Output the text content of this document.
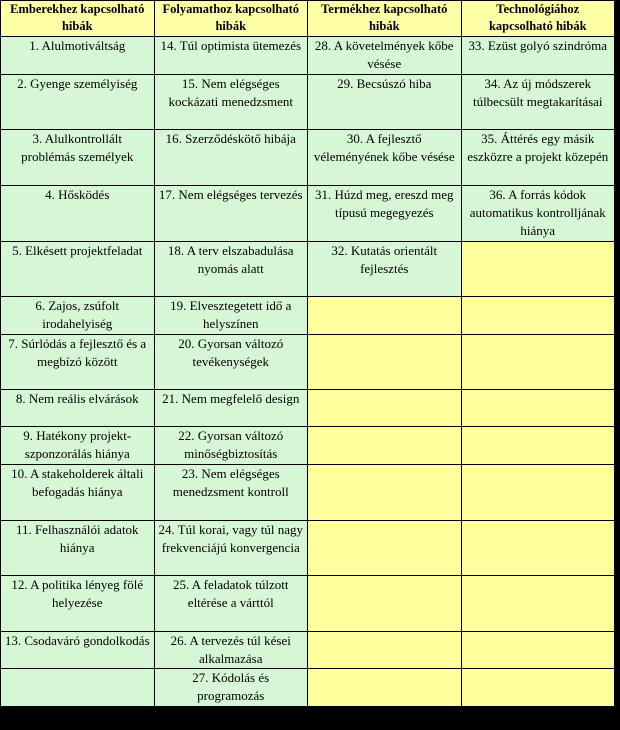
Emberekhez kapcsolható hibák	Folyamathoz kapcsolható hibák	Termékhez kapcsolható hibák	Technológiához kapcsolható hibák
1. Alulmotiváltság	14. Túl optimista ütemezés	28. A követelmények kőbe vésése	33. Ezüst golyó szindróma
2. Gyenge személyiség	15. Nem elégséges kockázati menedzsment	29. Becsúszó hiba	34. Az új módszerek túlbecsült megtakarításai
3. Alulkontrollált problémás személyek	16. Szerződéskötő hibája	30. A fejlesztő véleményének kőbe vésése	35. Áttérés egy másik eszközre a projekt közepén
4. Hősködés	17. Nem elégséges tervezés	31. Húzd meg, ereszd meg típusú megegyezés	36. A forrás kódok automatikus kontrolljának hiánya
5. Elkésett projektfeladat	18. A terv elszabadulása nyomás alatt	32. Kutatás orientált fejlesztés	
6. Zajos, zsúfolt irodahelyiség	19. Elvesztegetett idő a helyszínen		
7. Súrlódás a fejlesztő és a megbízó között	20. Gyorsan változó tevékenységek		
8. Nem reális elvárások	21. Nem megfelelő design		
9. Hatékony projekt-szponzorálás hiánya	22. Gyorsan változó minőségbiztosítás		
10. A stakeholderek általi befogadás hiánya	23. Nem elégséges menedzsment kontroll		
11. Felhasználói adatok hiánya	24. Túl korai, vagy túl nagy frekvenciájú konvergencia		
12. A politika lényeg fölé helyezése	25. A feladatok túlzott eltérése a várttól		
13. Csodaváró gondolkodás	26. A tervezés túl kései alkalmazása		
	27. Kódolás és programozás		
